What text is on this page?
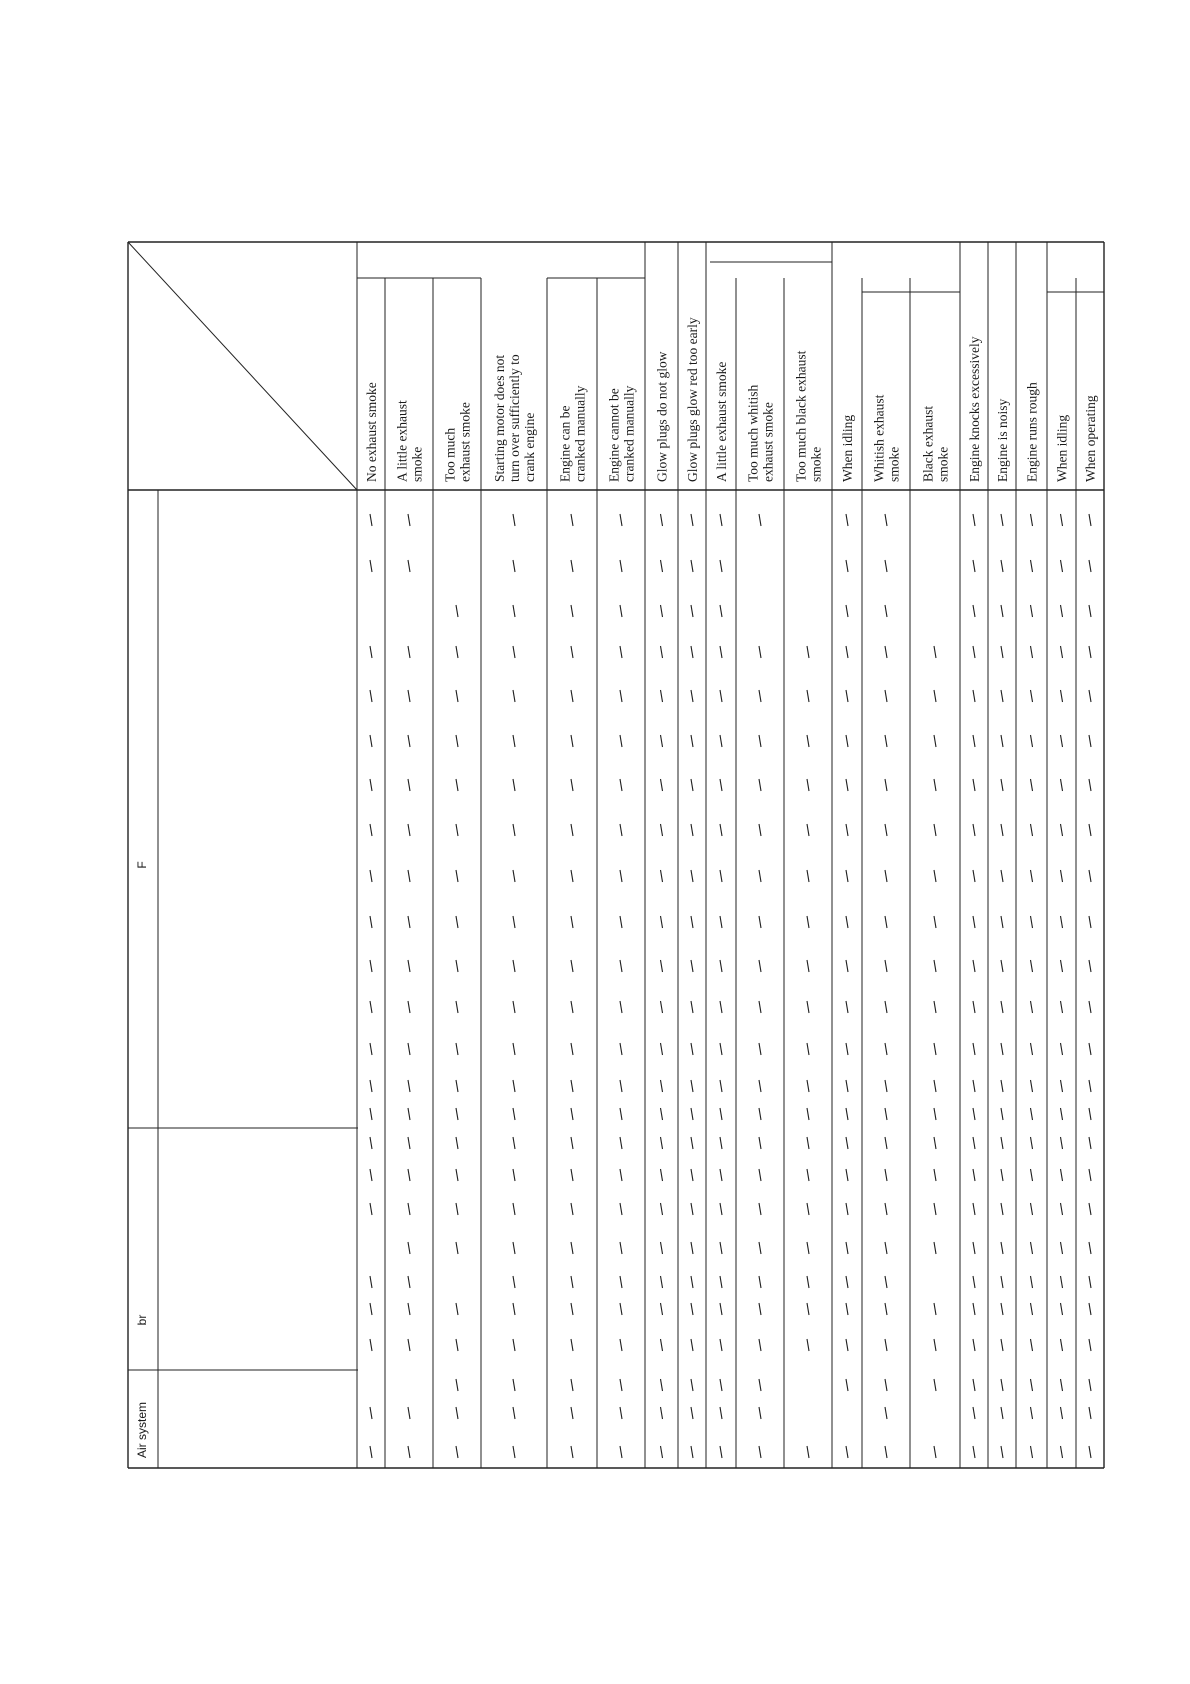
Air system
br
F
No exhaust smoke A little exhaust smoke Too much exhaust smoke Starting motor does not turn over sufficiently to crank engine Engine can be cranked manually Engine cannot be cranked manually Glow plugs do not glow Glow plugs glow red too early A little exhaust smoke Too much whitish exhaust smoke Too much black exhaust smoke When idling Whitish exhaust smoke Black exhaust smoke Engine knocks excessively Engine is noisy Engine runs rough When idling When operating
